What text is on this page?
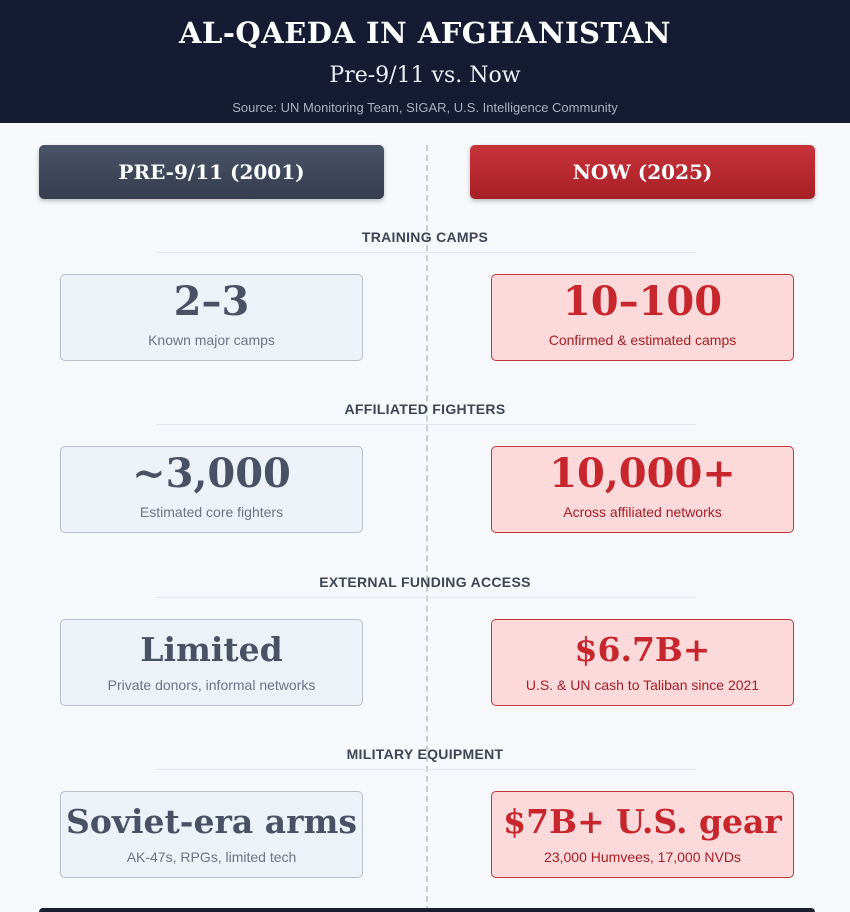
AL-QAEDA IN AFGHANISTAN
Pre-9/11 vs. Now
Source: UN Monitoring Team, SIGAR, U.S. Intelligence Community
PRE-9/11 (2001)	NOW (2025)
TRAINING CAMPS
2–3
Known major camps
10–100
Confirmed & estimated camps
AFFILIATED FIGHTERS
~3,000
Estimated core fighters
10,000+
Across affiliated networks
EXTERNAL FUNDING ACCESS
Limited
Private donors, informal networks
$6.7B+
U.S. & UN cash to Taliban since 2021
MILITARY EQUIPMENT
Soviet-era arms
AK-47s, RPGs, limited tech
$7B+ U.S. gear
23,000 Humvees, 17,000 NVDs
